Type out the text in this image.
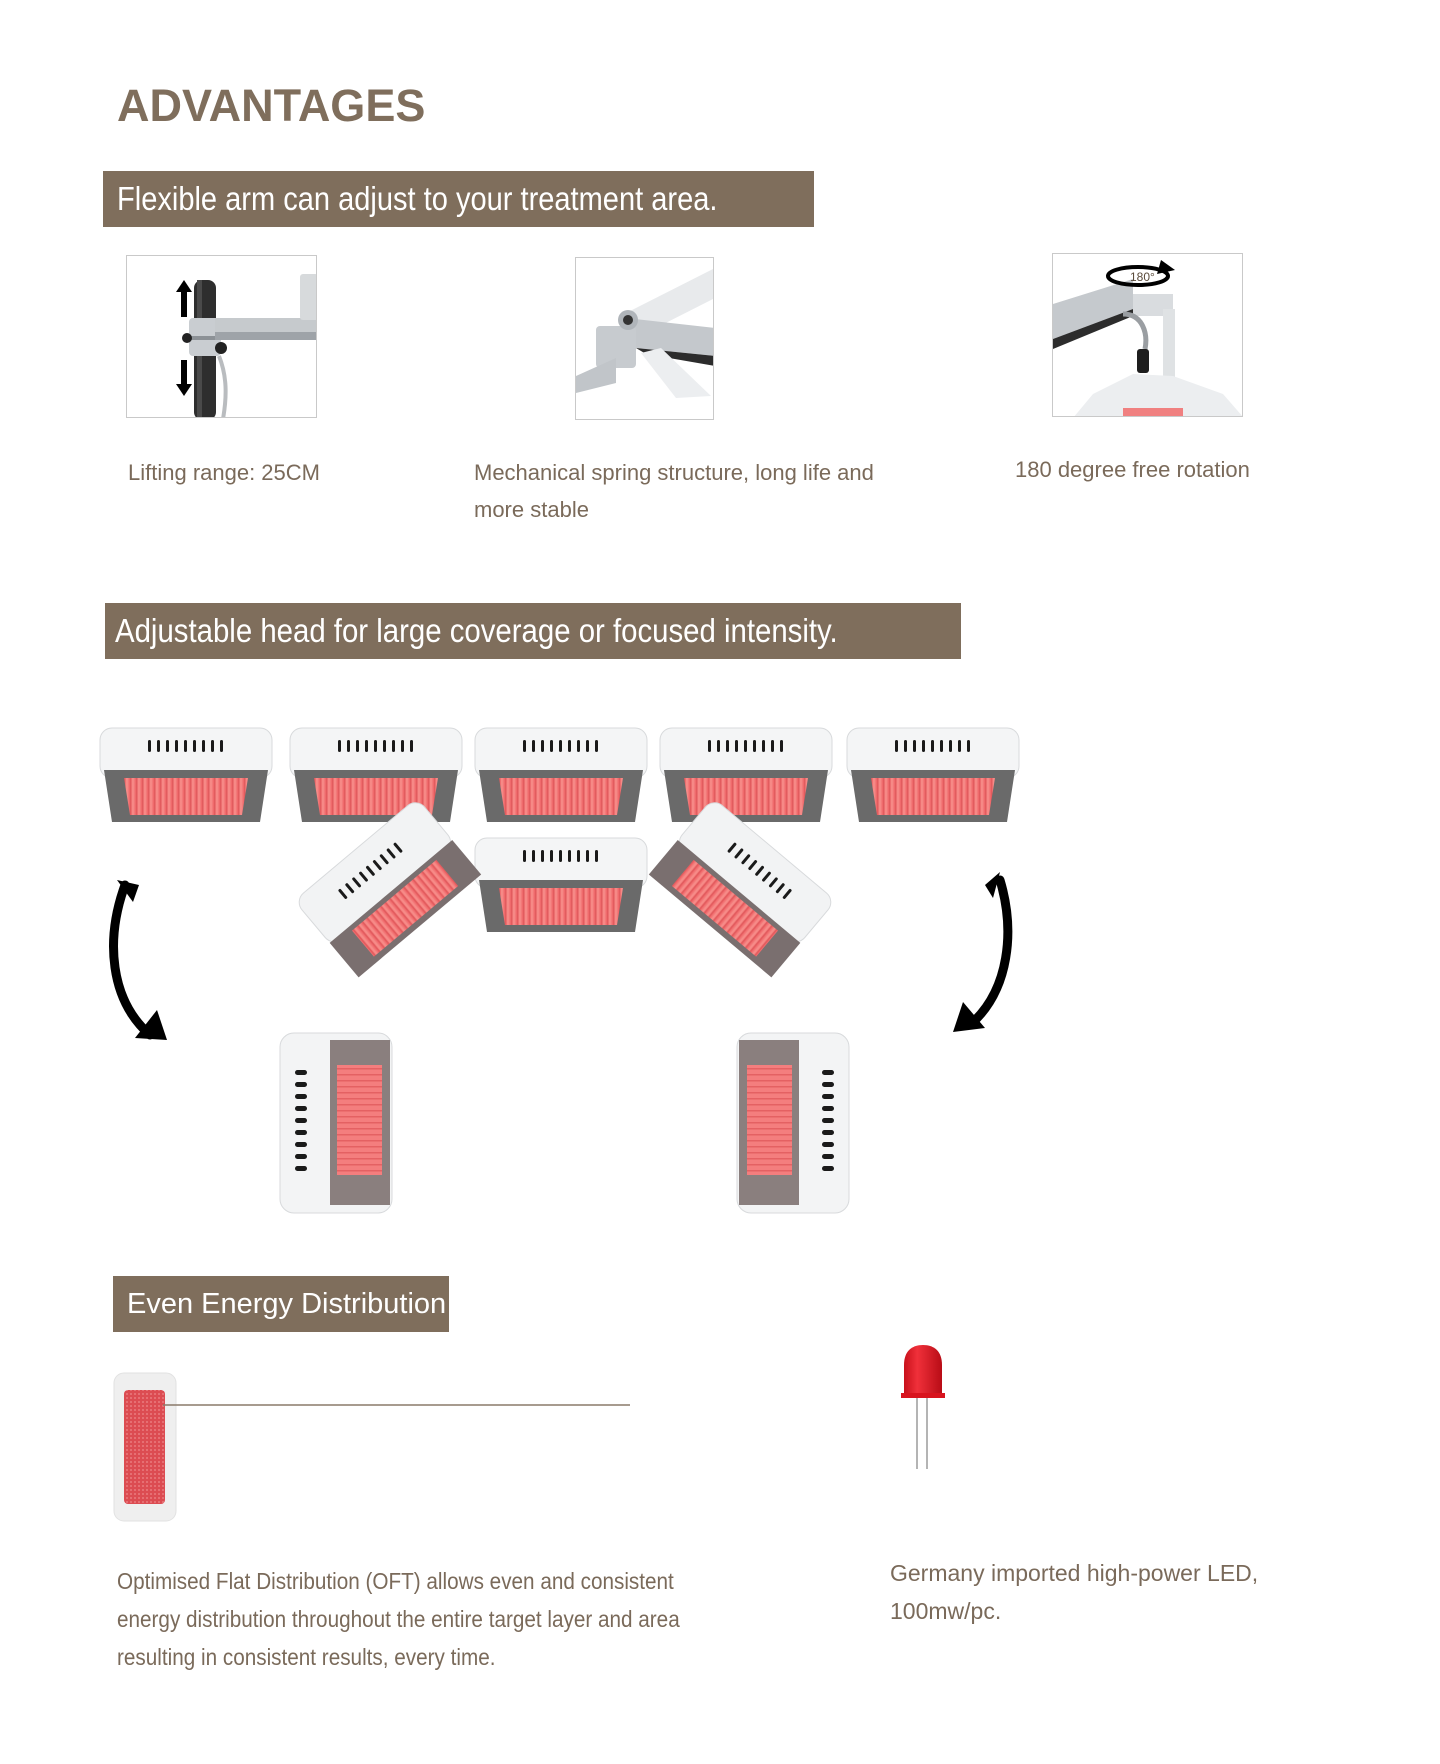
ADVANTAGES
Flexible arm can adjust to your treatment area.
Lifting range: 25CM	Mechanical spring structure, long life and
more stable
180°
180 degree free rotation
Adjustable head for large coverage or focused intensity.
Even Energy Distribution
Optimised Flat Distribution (OFT) allows even and consistent
energy distribution throughout the entire target layer and area
resulting in consistent results, every time.
Germany imported high-power LED,
100mw/pc.
